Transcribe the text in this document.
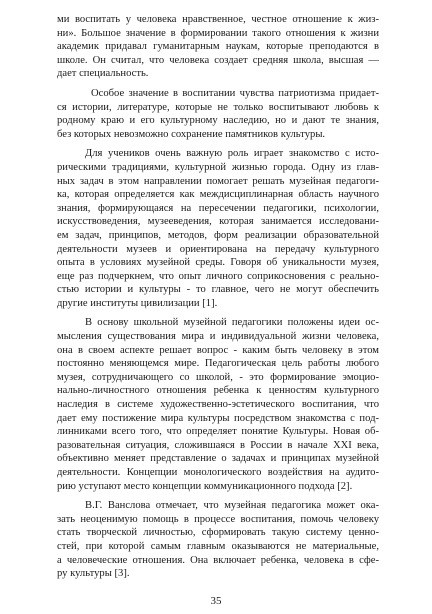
ми воспитать у человека нравственное, честное отношение к жиз-
ни». Большое значение в формировании такого отношения к жизни
акадeмик придавал гуманитарным наукам, которые преподаются в
школе. Он считал, что человека создает средняя школа, высшая —
дает специальность.

Особое значение в воспитании чувства патриотизма придает-
ся истории, литературе, которые не только воспитывают любовь к
родному краю и его культурному наследию, но и дают те знания,
без которых невозможно сохранение памятников культуры.

Для учеников очень важную роль играет знакомство с исто-
рическими традициями, культурной жизнью города. Одну из глав-
ных задач в этом направлении помогает решать музейная педагоги-
ка, которая определяется как междисциплинарная область научного
знания, формирующаяся на пересечении педагогики, психологии,
искусствоведения, музееведения, которая занимается исследовани-
ем задач, принципов, методов, форм реализации образовательной
деятельности музеев и ориентирована на передачу культурного
опыта в условиях музейной среды. Говоря об уникальности музея,
еще раз подчеркнем, что опыт личного соприкосновения с реально-
стью истории и культуры - то главное, чего не могут обеспечить
другие институты цивилизации [1].

В основу школьной музейной педагогики положены идеи ос-
мысления существования мира и индивидуальной жизни человека,
она в своем аспекте решает вопрос - каким быть человеку в этом
постоянно меняющемся мире. Педагогическая цель работы любого
музея, сотрудничающего со школой, - это формирование эмоцио-
нально-личностного отношения ребенка к ценностям культурного
наследия в системе художественно-эстетического воспитания, что
дает ему постижение мира культуры посредством знакомства с под-
линниками всего того, что определяет понятие Культуры. Новая об-
разовательная ситуация, сложившаяся в России в начале XXI века,
объективно меняет представление о задачах и принципах музейной
деятельности. Концепции монологического воздействия на аудито-
рию уступают место концепции коммуникационного подхода [2].

В.Г. Ванслова отмечает, что музейная педагогика может ока-
зать неоценимую помощь в процессе воспитания, помочь человеку
стать творческой личностью, сформировать такую систему ценно-
стей, при которой самым главным оказываются не материальные,
а человеческие отношения. Она включает ребенка, человека в сфе-
ру культуры [3].

35
